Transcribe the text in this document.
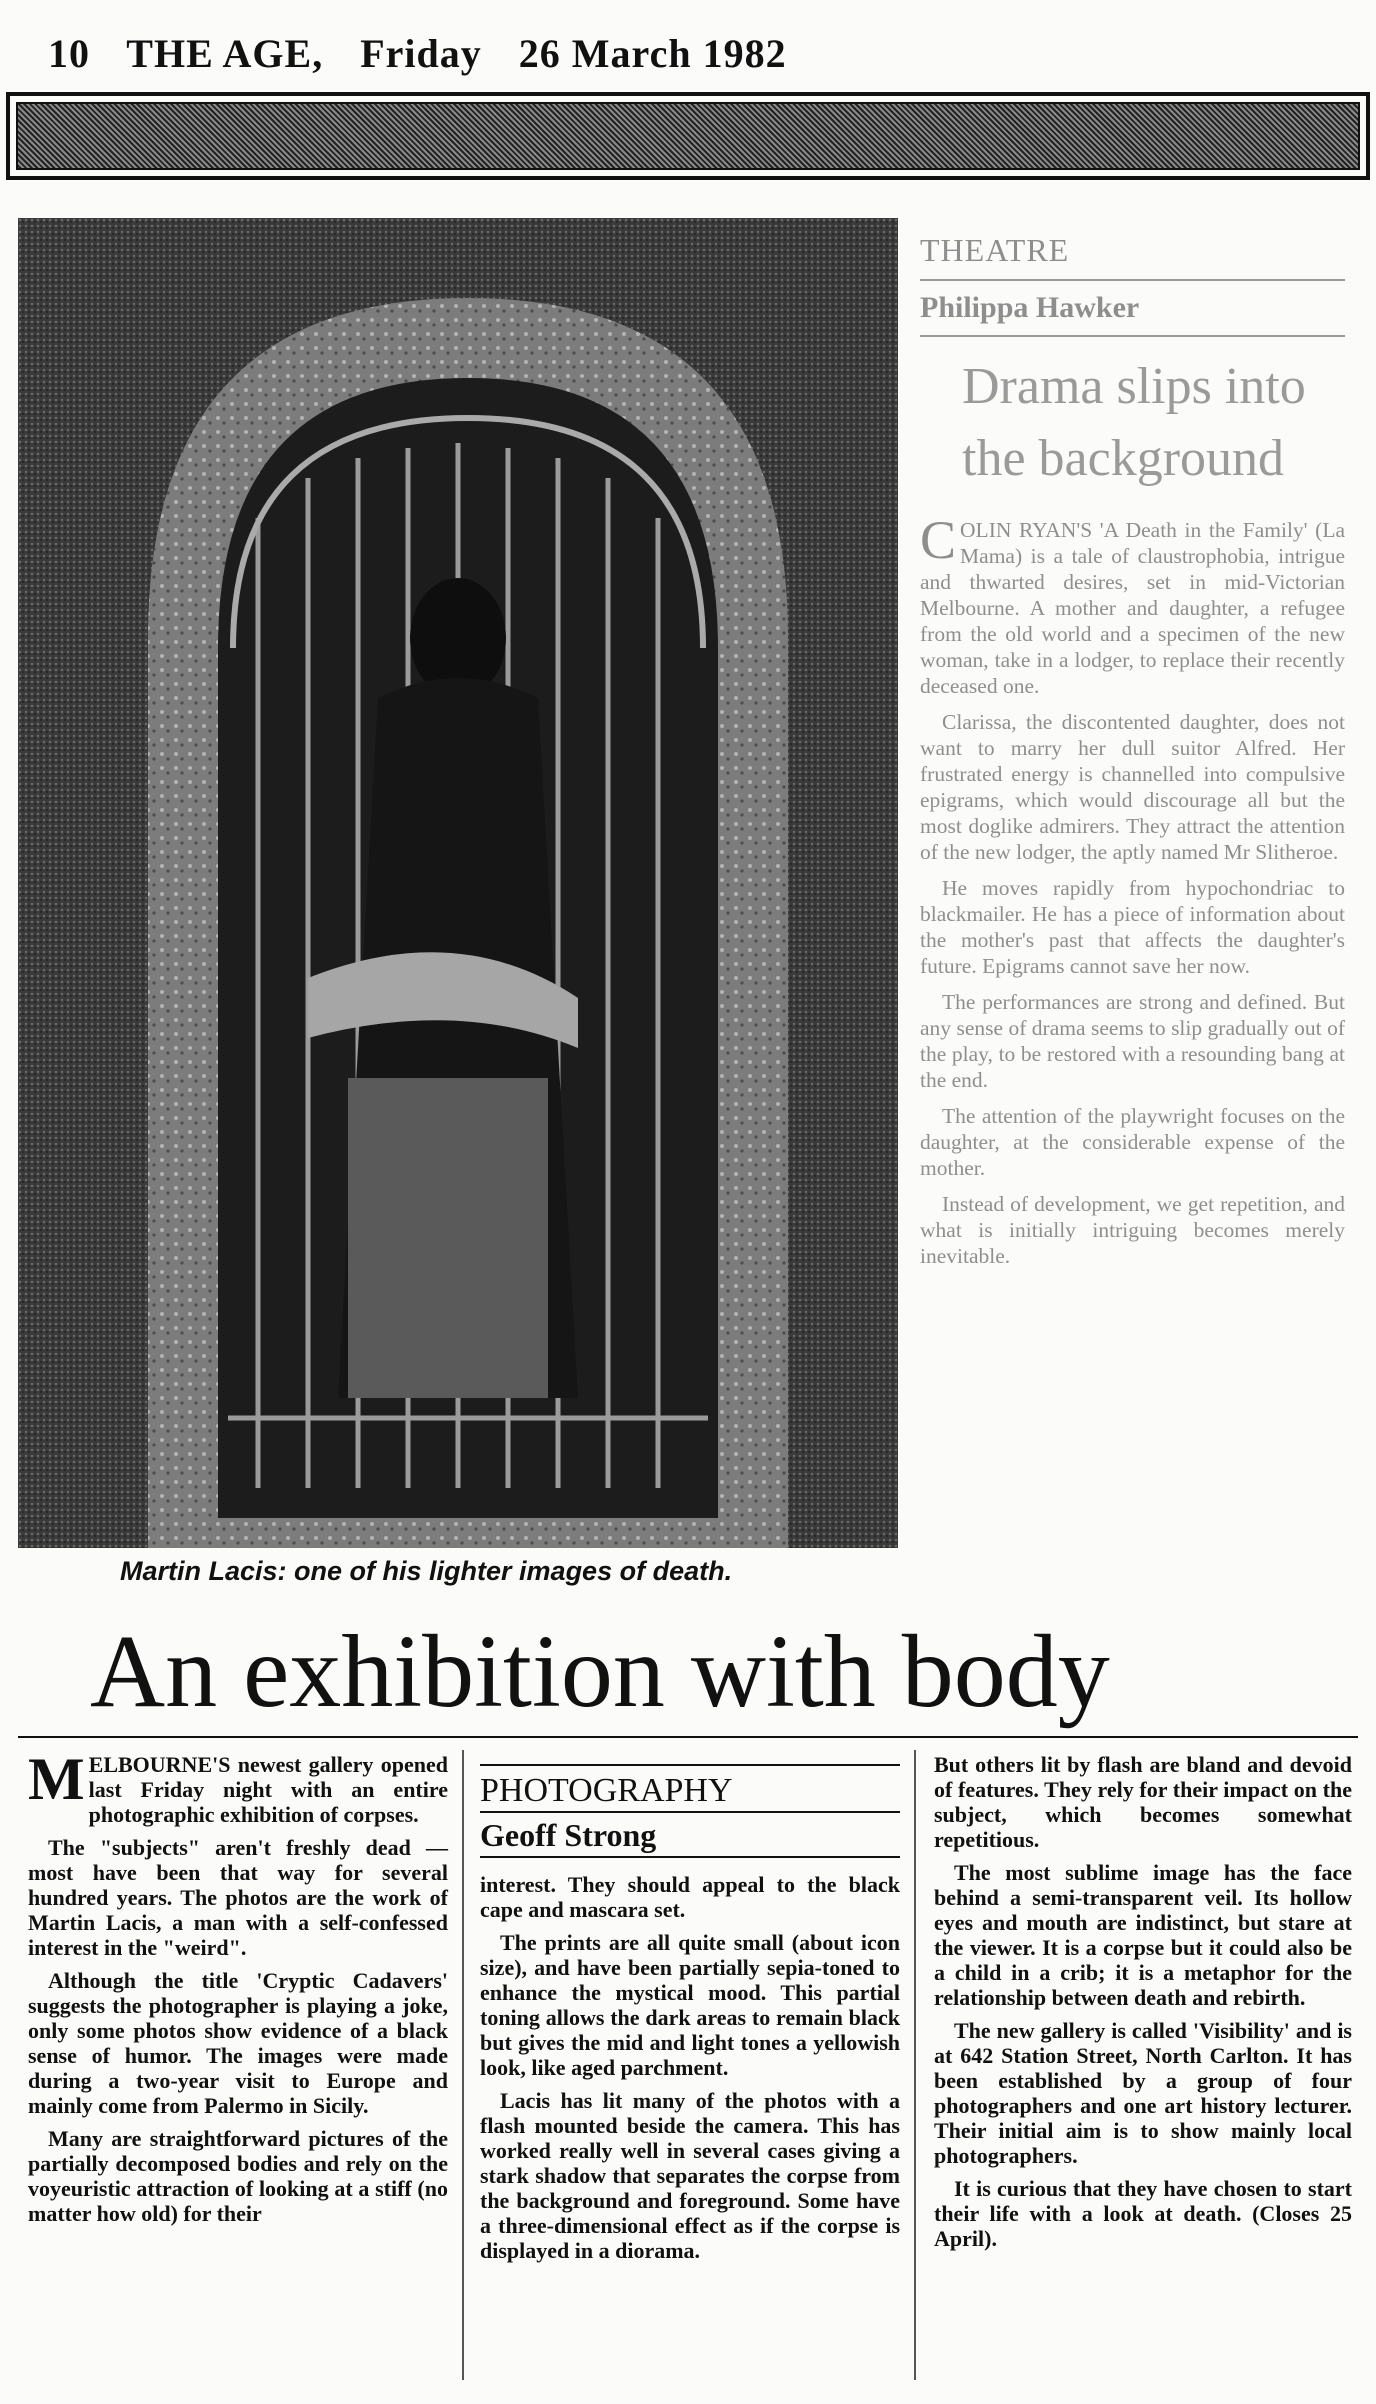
10 THE AGE, Friday 26 March 1982
Martin Lacis: one of his lighter images of death.
THEATRE
Philippa Hawker
Drama slips into the background

COLIN RYAN'S 'A Death in the Family' (La Mama) is a tale of claustrophobia, intrigue and thwarted desires, set in mid-Victorian Melbourne. A mother and daughter, a refugee from the old world and a specimen of the new woman, take in a lodger, to replace their recently deceased one.

Clarissa, the discontented daughter, does not want to marry her dull suitor Alfred. Her frustrated energy is channelled into compulsive epigrams, which would discourage all but the most doglike admirers. They attract the attention of the new lodger, the aptly named Mr Slitheroe.

He moves rapidly from hypochondriac to blackmailer. He has a piece of information about the mother's past that affects the daughter's future. Epigrams cannot save her now.

The performances are strong and defined. But any sense of drama seems to slip gradually out of the play, to be restored with a resounding bang at the end.

The attention of the playwright focuses on the daughter, at the considerable expense of the mother.

Instead of development, we get repetition, and what is initially intriguing becomes merely inevitable.

An exhibition with body

MELBOURNE'S newest gallery opened last Friday night with an entire photographic exhibition of corpses.

The "subjects" aren't freshly dead — most have been that way for several hundred years. The photos are the work of Martin Lacis, a man with a self-confessed interest in the "weird".

Although the title 'Cryptic Cadavers' suggests the photographer is playing a joke, only some photos show evidence of a black sense of humor. The images were made during a two-year visit to Europe and mainly come from Palermo in Sicily.

Many are straightforward pictures of the partially decomposed bodies and rely on the voyeuristic attraction of looking at a stiff (no matter how old) for their

PHOTOGRAPHY
Geoff Strong

interest. They should appeal to the black cape and mascara set.

The prints are all quite small (about icon size), and have been partially sepia-toned to enhance the mystical mood. This partial toning allows the dark areas to remain black but gives the mid and light tones a yellowish look, like aged parchment.

Lacis has lit many of the photos with a flash mounted beside the camera. This has worked really well in several cases giving a stark shadow that separates the corpse from the background and foreground. Some have a three-dimensional effect as if the corpse is displayed in a diorama.

But others lit by flash are bland and devoid of features. They rely for their impact on the subject, which becomes somewhat repetitious.

The most sublime image has the face behind a semi-transparent veil. Its hollow eyes and mouth are indistinct, but stare at the viewer. It is a corpse but it could also be a child in a crib; it is a metaphor for the relationship between death and rebirth.

The new gallery is called 'Visibility' and is at 642 Station Street, North Carlton. It has been established by a group of four photographers and one art history lecturer. Their initial aim is to show mainly local photographers.

It is curious that they have chosen to start their life with a look at death. (Closes 25 April).
